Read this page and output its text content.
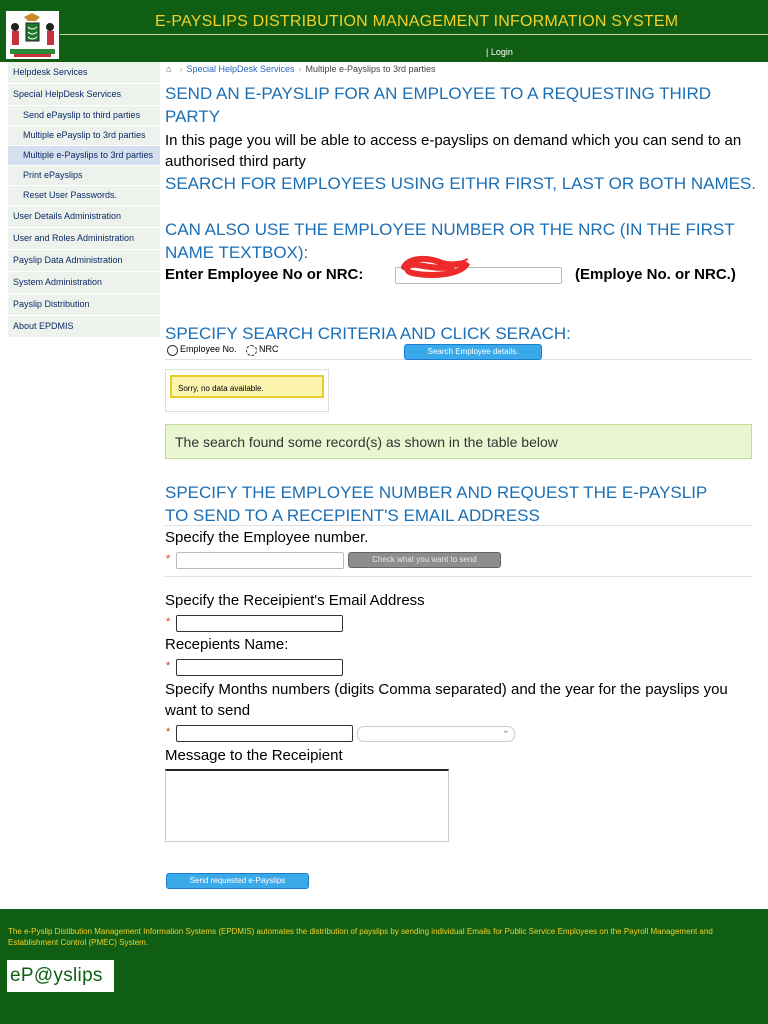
E-PAYSLIPS DISTRIBUTION MANAGEMENT INFORMATION SYSTEM
| Login
Helpdesk Services
Special HelpDesk Services
Send ePayslip to third parties
Multiple ePayslip to 3rd parties
Multiple e-Payslips to 3rd parties
Print ePayslips
Reset User Passwords.
User Details Administration
User and Roles Administration
Payslip Data Administration
System Administration
Payslip Distribution
About EPDMIS
⌂ › Special HelpDesk Services › Multiple e-Payslips to 3rd parties
SEND AN E-PAYSLIP FOR AN EMPLOYEE TO A REQUESTING THIRD PARTY
In this page you will be able to access e-payslips on demand which you can send to an authorised third party
SEARCH FOR EMPLOYEES USING EITHR FIRST, LAST OR BOTH NAMES.
CAN ALSO USE THE EMPLOYEE NUMBER OR THE NRC (IN THE FIRST NAME TEXTBOX):
Enter Employee No or NRC:	(Employe No. or NRC.)
SPECIFY SEARCH CRITERIA AND CLICK SERACH:
Employee No. NRC	Search Employee details.
Sorry, no data available.
The search found some record(s) as shown in the table below
SPECIFY THE EMPLOYEE NUMBER AND REQUEST THE E-PAYSLIP TO SEND TO A RECEPIENT'S EMAIL ADDRESS
Specify the Employee number.
*	Check what you want to send
Specify the Receipient's Email Address
*
Recepients Name:
*
Specify Months numbers (digits Comma separated) and the year for the payslips you want to send
*	⌄
Message to the Receipient
Send requested e-Payslips
The e-Pyslip Distibution Management Information Systems (EPDMIS) automates the distribution of payslips by sending individual Emails for Public Service Employees on the Payroll Management and Establishment Control (PMEC) System.
eP@yslips
